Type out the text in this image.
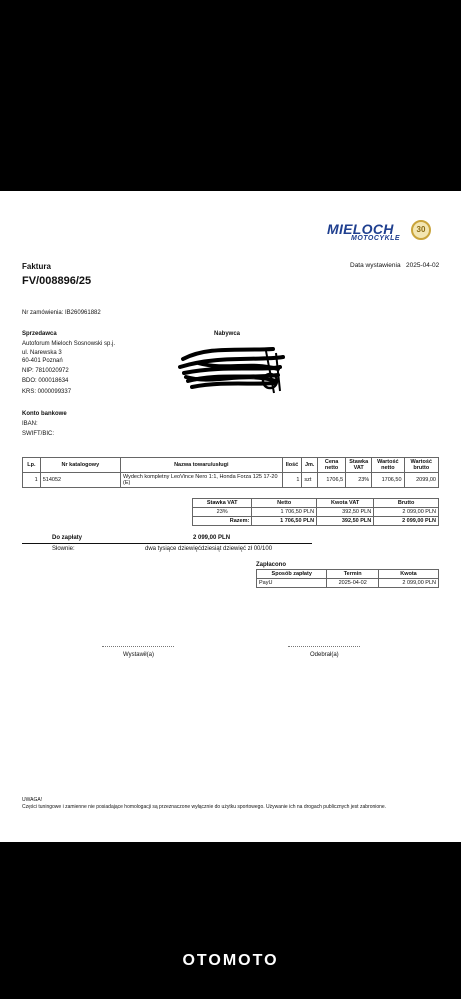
MIELOCH
MOTOCYKLE
30
Faktura
FV/008896/25
Data wystawienia 2025-04-02
Nr zamówienia: IB260961882
Sprzedawca
Autoforum Mieloch Sosnowski sp.j.
ul. Narewska 3
60-401 Poznań
NIP: 7810020972
BDO: 000018634
KRS: 0000099337
Nabywca
Konto bankowe
IBAN:
SWIFT/BIC:
Lp.	Nr katalogowy	Nazwa towaru/usługi	Ilość	Jm.	Cena netto	Stawka VAT	Wartość netto	Wartość brutto
1	514052	Wydech kompletny LeoVince Nero 1:1, Honda Forza 125 17-20 (E)	1	szt	1706,5	23%	1706,50	2099,00
Stawka VAT	Netto	Kwota VAT	Brutto
23%	1 706,50 PLN	392,50 PLN	2 099,00 PLN
Razem:	1 706,50 PLN	392,50 PLN	2 099,00 PLN
Do zapłaty	2 099,00 PLN
Słownie:	dwa tysiące dziewięćdziesiąt dziewięć zł 00/100
Zapłacono
Sposób zapłaty	Termin	Kwota
PayU	2025-04-02	2 099,00 PLN
Wystawił(a)	Odebrał(a)
UWAGA!
Części tuningowe i zamienne nie posiadające homologacji są przeznaczone wyłącznie do użytku sportowego. Używanie ich na drogach publicznych jest zabronione.
OTOMOTO
